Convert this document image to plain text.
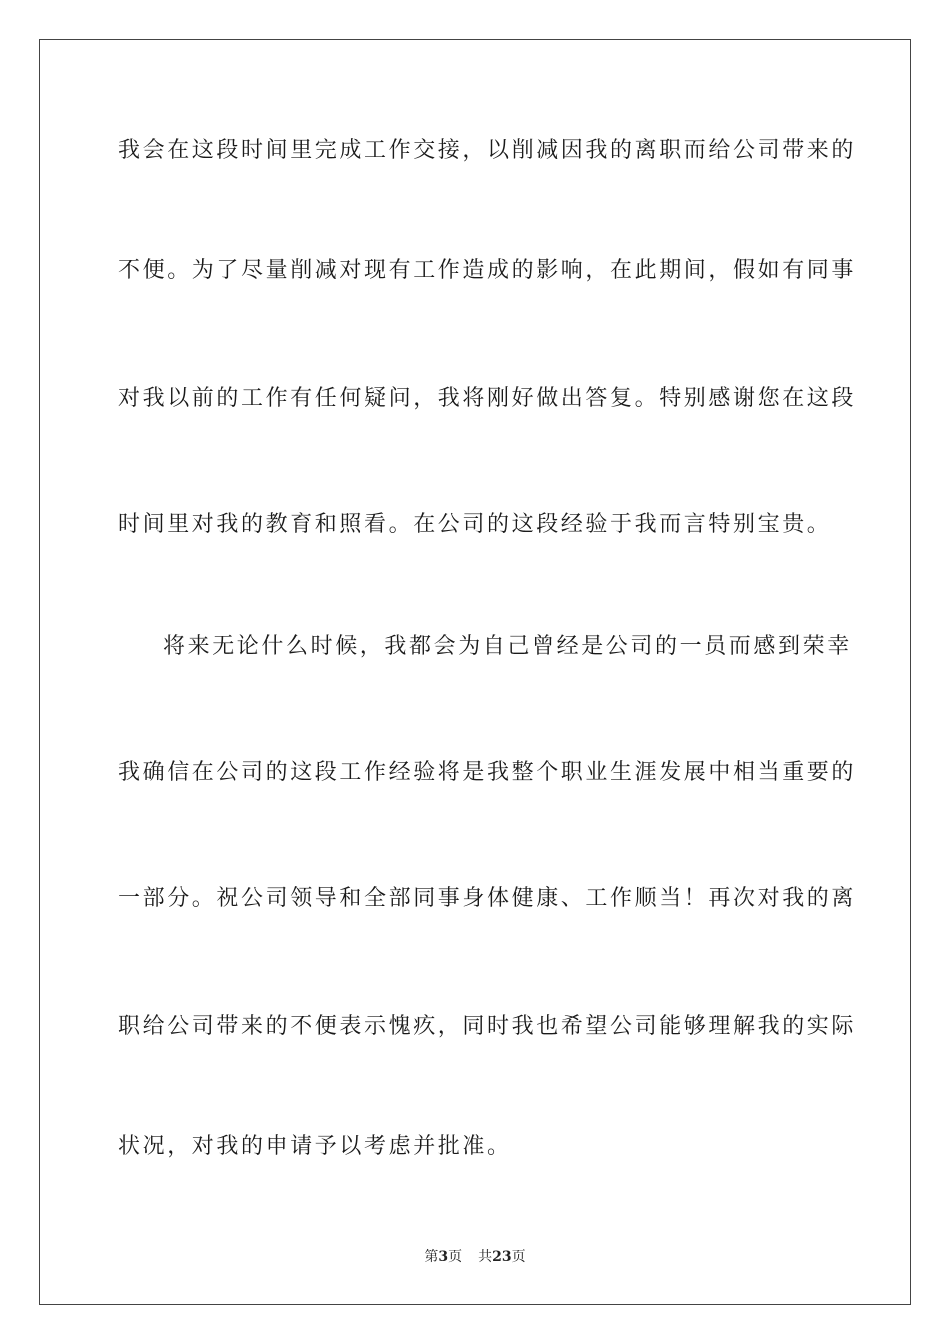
我会在这段时间里完成工作交接，以削减因我的离职而给公司带来的
不便。为了尽量削减对现有工作造成的影响，在此期间，假如有同事
对我以前的工作有任何疑问，我将刚好做出答复。特别感谢您在这段
时间里对我的教育和照看。在公司的这段经验于我而言特别宝贵。
将来无论什么时候，我都会为自己曾经是公司的一员而感到荣幸
我确信在公司的这段工作经验将是我整个职业生涯发展中相当重要的
一部分。祝公司领导和全部同事身体健康、工作顺当！再次对我的离
职给公司带来的不便表示愧疚，同时我也希望公司能够理解我的实际
状况，对我的申请予以考虑并批准。
第3页 共23页
